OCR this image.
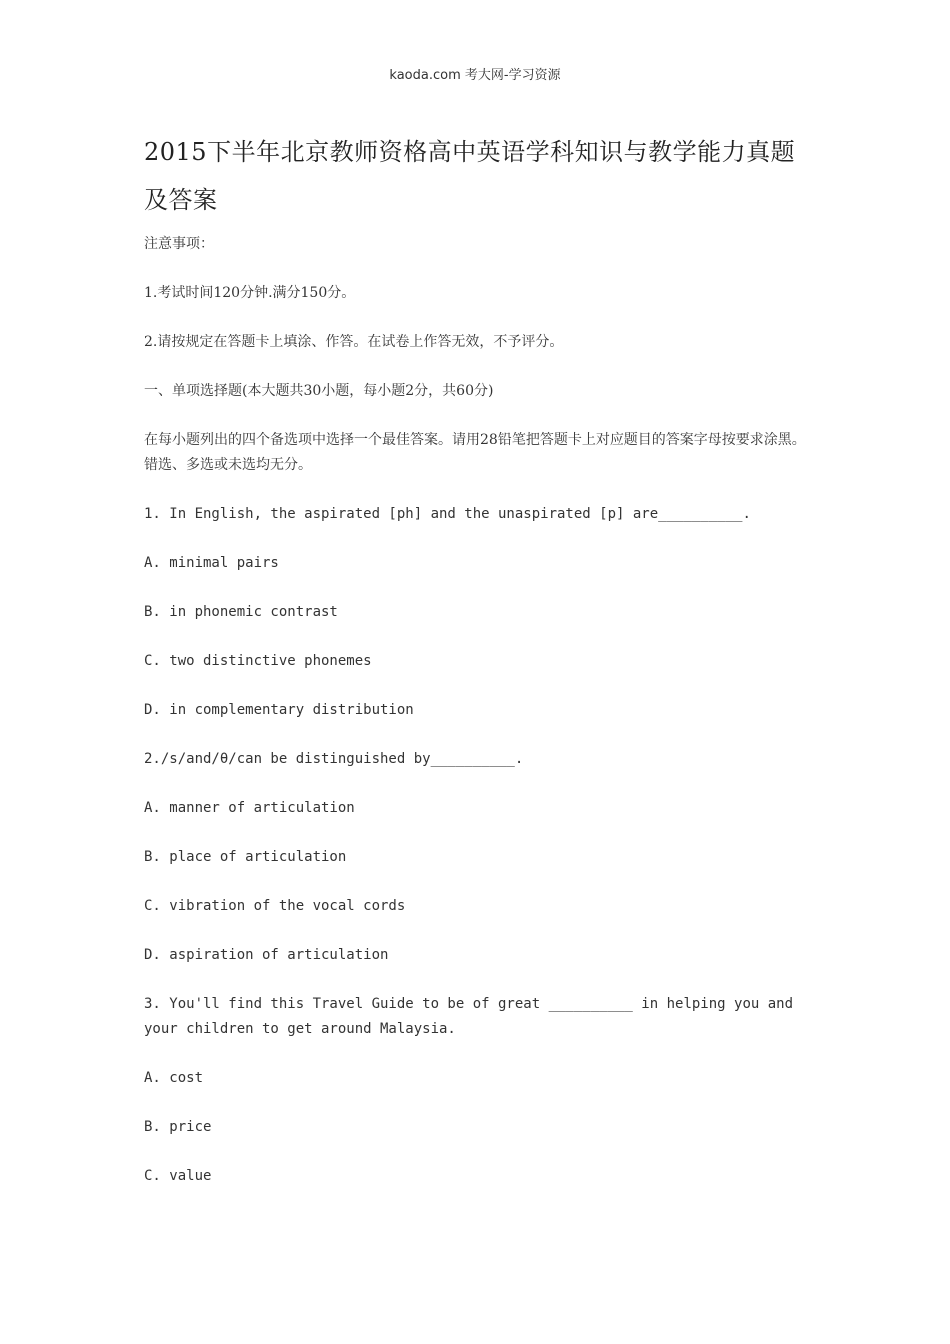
kaoda.com 考大网-学习资源
2015下半年北京教师资格高中英语学科知识与教学能力真题及答案

注意事项：

1.考试时间120分钟.满分150分。

2.请按规定在答题卡上填涂、作答。在试卷上作答无效，不予评分。

一、单项选择题(本大题共30小题，每小题2分，共60分)

在每小题列出的四个备选项中选择一个最佳答案。请用28铅笔把答题卡上对应题目的答案字母按要求涂黑。错选、多选或未选均无分。

1. In English, the aspirated [ph] and the unaspirated [p] are__________.

A. minimal pairs

B. in phonemic contrast

C. two distinctive phonemes

D. in complementary distribution

2./s/and/θ/can be distinguished by__________.

A. manner of articulation

B. place of articulation

C. vibration of the vocal cords

D. aspiration of articulation

3. You'll find this Travel Guide to be of great __________ in helping you and your children to get around Malaysia.

A. cost

B. price

C. value
